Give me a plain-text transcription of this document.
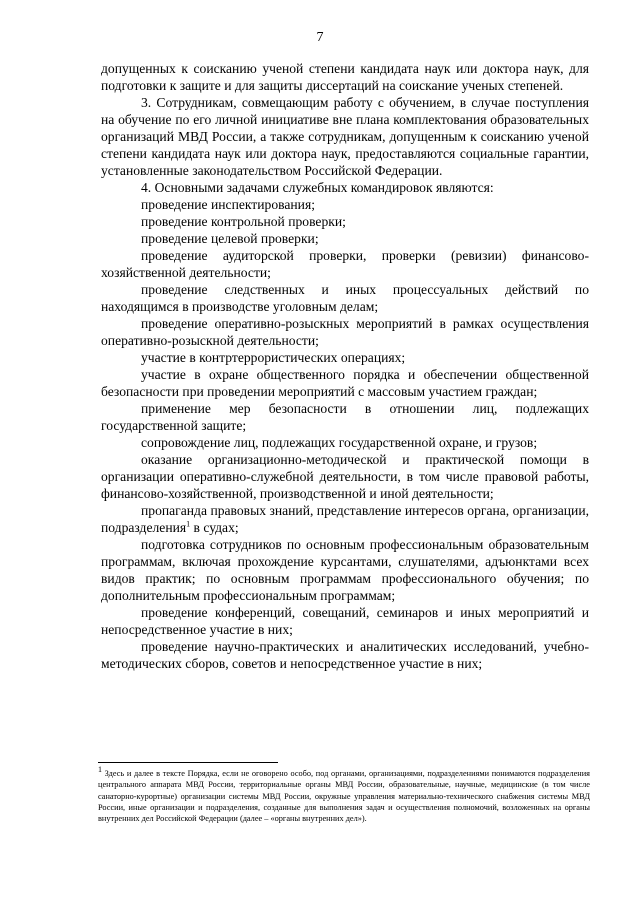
7

допущенных к соисканию ученой степени кандидата наук или доктора наук, для подготовки к защите и для защиты диссертаций на соискание ученых степеней.

3. Сотрудникам, совмещающим работу с обучением, в случае поступления на обучение по его личной инициативе вне плана комплектования образовательных организаций МВД России, а также сотрудникам, допущенным к соисканию ученой степени кандидата наук или доктора наук, предоставляются социальные гарантии, установленные законодательством Российской Федерации.

4. Основными задачами служебных командировок являются:

проведение инспектирования;

проведение контрольной проверки;

проведение целевой проверки;

проведение аудиторской проверки, проверки (ревизии) финансово-хозяйственной деятельности;

проведение следственных и иных процессуальных действий по находящимся в производстве уголовным делам;

проведение оперативно-розыскных мероприятий в рамках осуществления оперативно-розыскной деятельности;

участие в контртеррористических операциях;

участие в охране общественного порядка и обеспечении общественной безопасности при проведении мероприятий с массовым участием граждан;

применение мер безопасности в отношении лиц, подлежащих государственной защите;

сопровождение лиц, подлежащих государственной охране, и грузов;

оказание организационно-методической и практической помощи в организации оперативно-служебной деятельности, в том числе правовой работы, финансово-хозяйственной, производственной и иной деятельности;

пропаганда правовых знаний, представление интересов органа, организации, подразделения$^1$ в судах;

подготовка сотрудников по основным профессиональным образовательным программам, включая прохождение курсантами, слушателями, адъюнктами всех видов практик; по основным программам профессионального обучения; по дополнительным профессиональным программам;

проведение конференций, совещаний, семинаров и иных мероприятий и непосредственное участие в них;

проведение научно-практических и аналитических исследований, учебно-методических сборов, советов и непосредственное участие в них;

$^1$ Здесь и далее в тексте Порядка, если не оговорено особо, под органами, организациями, подразделениями понимаются подразделения центрального аппарата МВД России, территориальные органы МВД России, образовательные, научные, медицинские (в том числе санаторно-курортные) организации системы МВД России, окружные управления материально-технического снабжения системы МВД России, иные организации и подразделения, созданные для выполнения задач и осуществления полномочий, возложенных на органы внутренних дел Российской Федерации (далее – «органы внутренних дел»).
